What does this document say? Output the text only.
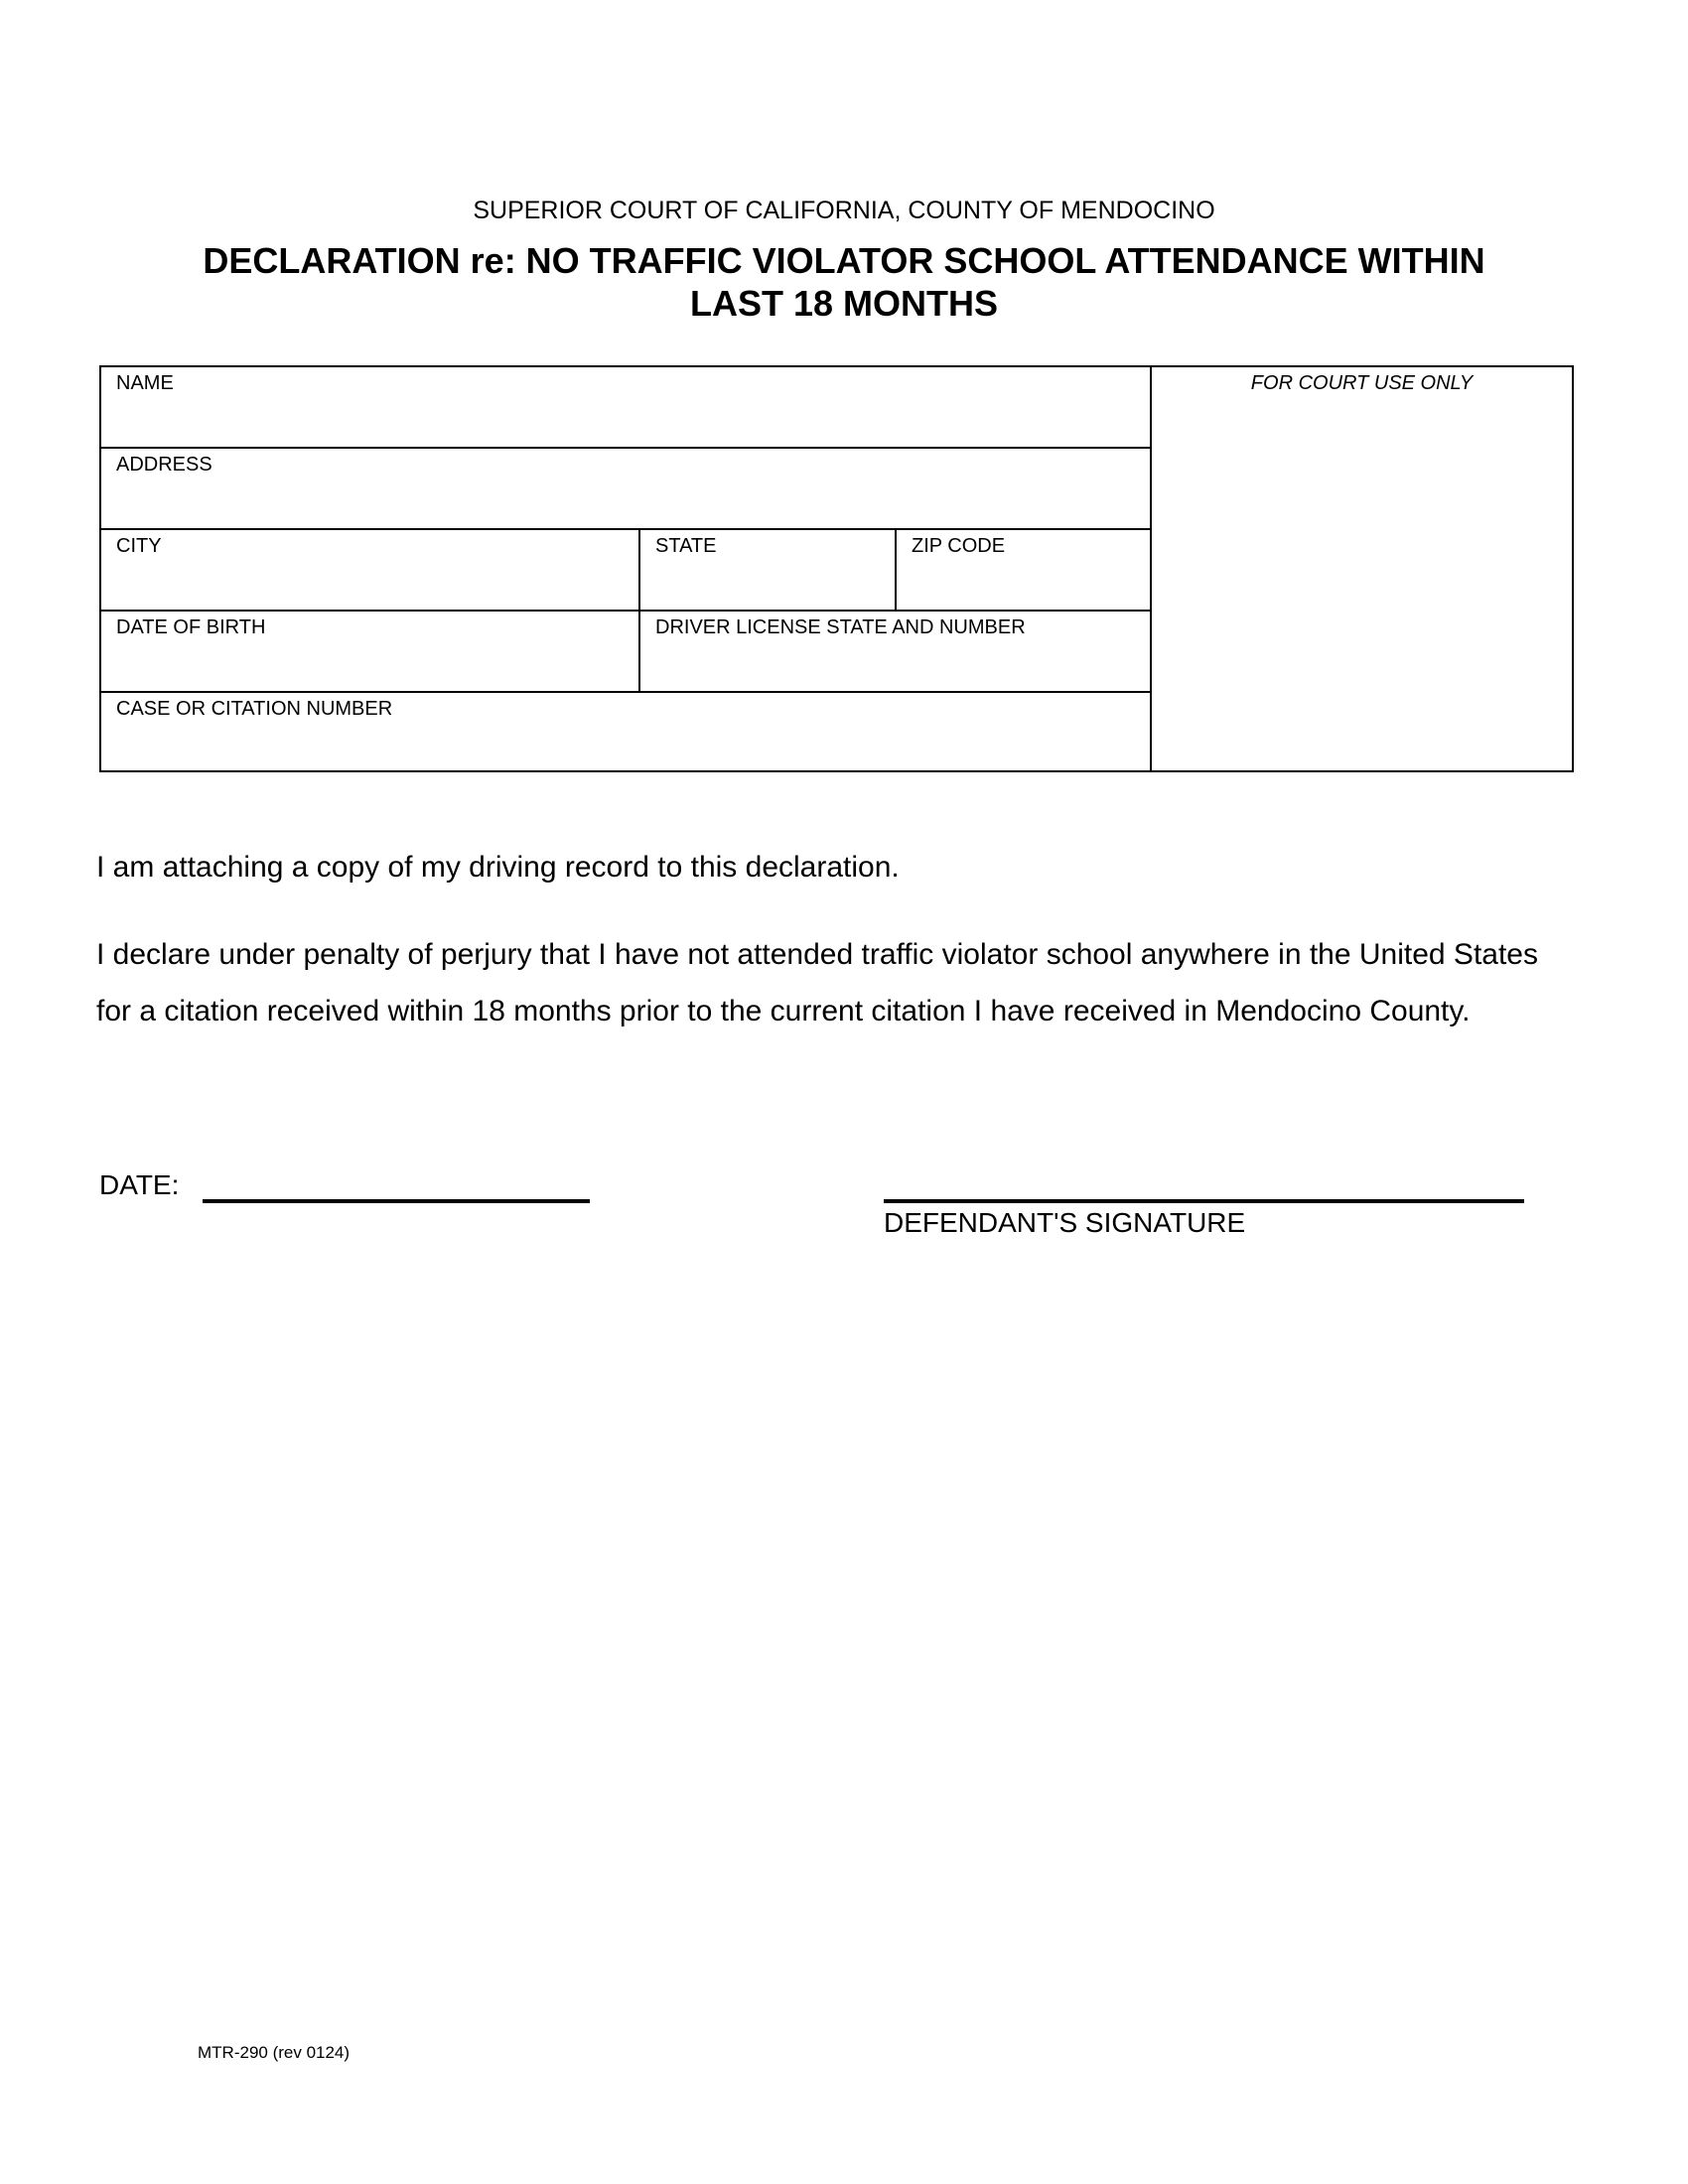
SUPERIOR COURT OF CALIFORNIA, COUNTY OF MENDOCINO
DECLARATION re: NO TRAFFIC VIOLATOR SCHOOL ATTENDANCE WITHIN
LAST 18 MONTHS
NAME
ADDRESS
CITY	STATE	ZIP CODE
DATE OF BIRTH	DRIVER LICENSE STATE AND NUMBER
CASE OR CITATION NUMBER
FOR COURT USE ONLY
I am attaching a copy of my driving record to this declaration.
I declare under penalty of perjury that I have not attended traffic violator school anywhere in the United States for a citation received within 18 months prior to the current citation I have received in Mendocino County.
DATE:
DEFENDANT'S SIGNATURE
MTR-290 (rev 0124)
